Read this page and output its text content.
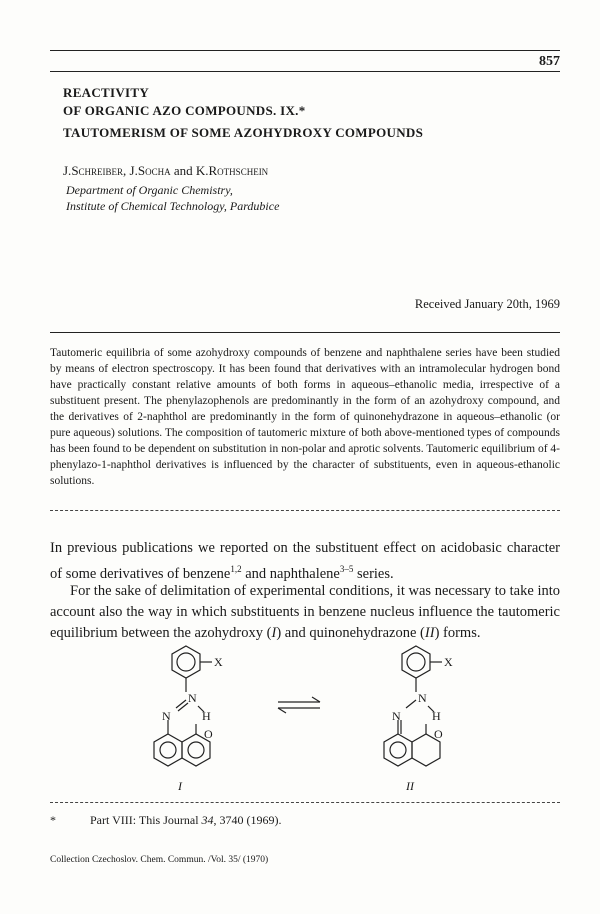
857
REACTIVITY
OF ORGANIC AZO COMPOUNDS. IX.*
TAUTOMERISM OF SOME AZOHYDROXY COMPOUNDS
J.Schreiber, J.Socha and K.Rothschein
Department of Organic Chemistry,
Institute of Chemical Technology, Pardubice
Received January 20th, 1969

Tautomeric equilibria of some azohydroxy compounds of benzene and naphthalene series have been studied by means of electron spectroscopy. It has been found that derivatives with an intramolecular hydrogen bond have practically constant relative amounts of both forms in aqueous–ethanolic media, irrespective of a substituent present. The phenylazophenols are predominantly in the form of an azohydroxy compound, and the derivatives of 2-naphthol are predominantly in the form of quinonehydrazone in aqueous–ethanolic (or pure aqueous) solutions. The composition of tautomeric mixture of both above-mentioned types of compounds has been found to be dependent on substitution in non-polar and aprotic solvents. Tautomeric equilibrium of 4-phenylazo-1-naphthol derivatives is influenced by the character of substituents, even in aqueous-ethanolic solutions.

In previous publications we reported on the substituent effect on acidobasic character of some derivatives of benzene$^{1,2}$ and naphthalene$^{3-5}$ series.

For the sake of delimitation of experimental conditions, it was necessary to take into account also the way in which substituents in benzene nucleus influence the tautomeric equilibrium between the azohydroxy (I) and quinonehydrazone (II) forms.

X
N
N	H
O
X
N
N	H
O
I	II
*	Part VIII: This Journal 34, 3740 (1969).
Collection Czechoslov. Chem. Commun. /Vol. 35/ (1970)
